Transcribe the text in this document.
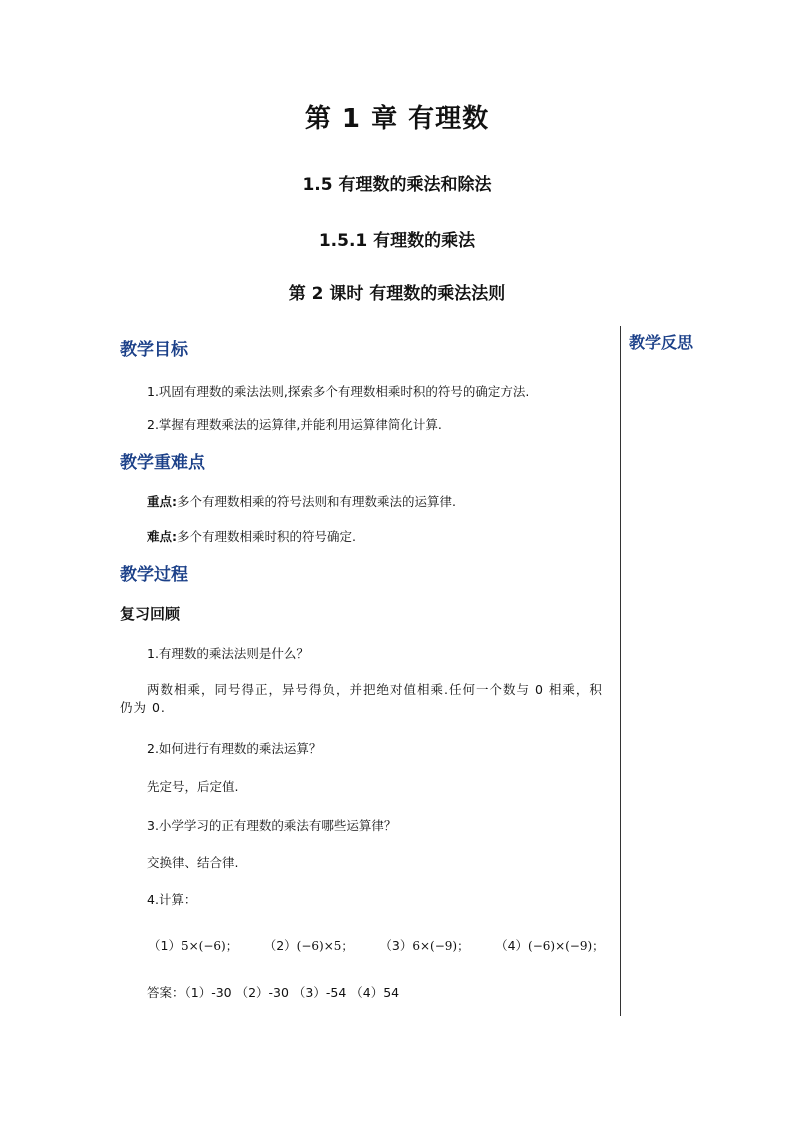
第 1 章 有理数
1.5 有理数的乘法和除法
1.5.1 有理数的乘法
第 2 课时 有理数的乘法法则
教学反思

教学目标

1.巩固有理数的乘法法则,探索多个有理数相乘时积的符号的确定方法.

2.掌握有理数乘法的运算律,并能利用运算律简化计算.

教学重难点

重点:多个有理数相乘的符号法则和有理数乘法的运算律.

难点:多个有理数相乘时积的符号确定.

教学过程

复习回顾

1.有理数的乘法法则是什么？

两数相乘，同号得正，异号得负，并把绝对值相乘.任何一个数与 0 相乘，积仍为 0.

2.如何进行有理数的乘法运算？

先定号，后定值.

3.小学学习的正有理数的乘法有哪些运算律？

交换律、结合律.

4.计算：

（1）5×(−6)； （2）(−6)×5； （3）6×(−9)； （4）(−6)×(−9)；

答案：（1）-30 （2）-30 （3）-54 （4）54
